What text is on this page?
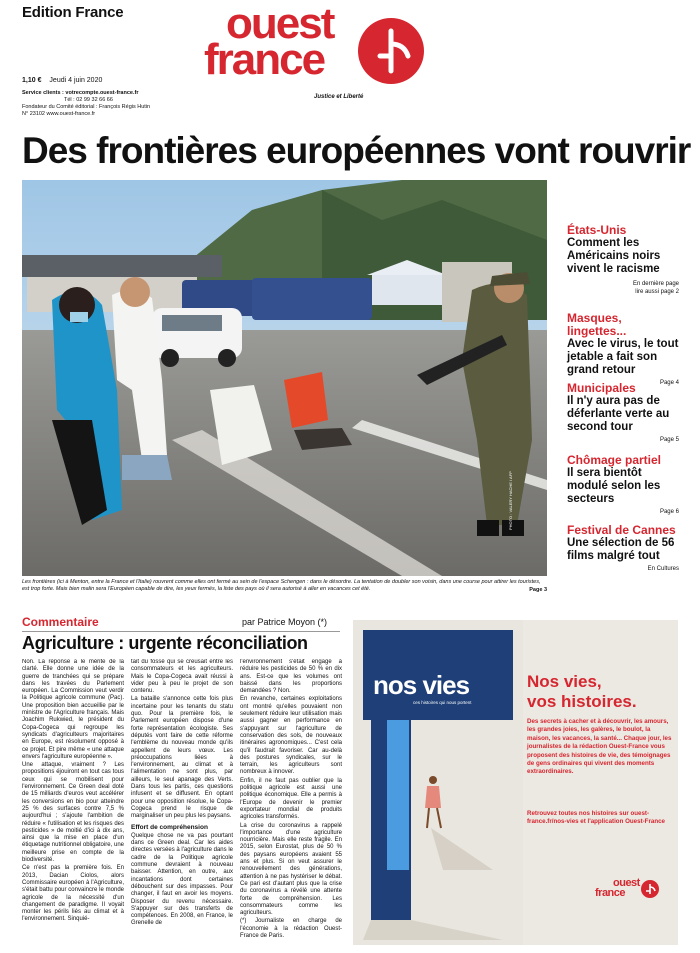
Edition France ouest
france
Justice et Liberté
1,10 € Jeudi 4 juin 2020
Service clients : votrecompte.ouest-france.fr
Tél : 02 99 32 66 66
Fondateur du Comité éditorial : François Régis Hutin
N° 23102 www.ouest-france.fr
Des frontières européennes vont rouvrir
Les frontières (ici à Menton, entre la France et l'Italie) rouvrent comme elles ont fermé au sein de l'espace Schengen : dans le désordre. La tentation de doubler son voisin, dans une course pour attirer les touristes, est trop forte. Mais bien malin sera l'Européen capable de dire, les yeux fermés, la liste des pays où il sera autorisé à aller en vacances cet été.	Page 3
PHOTO : VALERY HACHE / AFP
États-Unis
Comment les Américains noirs vivent le racisme
En dernière page
lire aussi page 2
Masques, lingettes...
Avec le virus, le tout jetable a fait son grand retour
Page 4
Municipales
Il n'y aura pas de déferlante verte au second tour
Page 5
Chômage partiel
Il sera bientôt modulé selon les secteurs
Page 6
Festival de Cannes
Une sélection de 56 films malgré tout
En Cultures
Commentaire	par Patrice Moyon (*)
Agriculture : urgente réconciliation

Non. La réponse a le mérite de la clarté. Elle donne une idée de la guerre de tranchées qui se prépare dans les travées du Parlement européen. La Commission veut verdir la Politique agricole commune (Pac). Une proposition bien accueillie par le ministre de l'Agriculture français. Mais Joachim Rukwied, le président du Copa-Cogeca qui regroupe les syndicats d'agriculteurs majoritaires en Europe, est résolument opposé à ce projet. Et pire même « une attaque envers l'agriculture européenne ».

Une attaque, vraiment ? Les propositions éjouiront en tout cas tous ceux qui se mobilisent pour l'environnement. Ce Green deal doté de 15 milliards d'euros veut accélérer les conversions en bio pour atteindre 25 % des surfaces contre 7,5 % aujourd'hui ; s'ajoute l'ambition de réduire « l'utilisation et les risques des pesticides » de moitié d'ici à dix ans, ainsi que la mise en place d'un étiquetage nutritionnel obligatoire, une meilleure prise en compte de la biodiversité.

Ce n'est pas la première fois. En 2013, Dacian Ciolos, alors Commissaire européen à l'Agriculture, s'était battu pour convaincre le monde agricole de la nécessité d'un changement de paradigme. Il voyait monter les périls liés au climat et à l'environnement. Sinquié-

tait du fossé qui se creusait entre les consommateurs et les agriculteurs. Mais le Copa-Cogeca avait réussi à vider peu à peu le projet de son contenu.

La bataille s'annonce cette fois plus incertaine pour les tenants du statu quo. Pour la première fois, le Parlement européen dispose d'une forte représentation écologiste. Ses députés vont faire de cette réforme l'emblème du nouveau monde qu'ils appellent de leurs vœux. Les préoccupations liées à l'environnement, au climat et à l'alimentation ne sont plus, par ailleurs, le seul apanage des Verts. Dans tous les partis, ces questions infusent et se diffusent. En optant pour une opposition résolue, le Copa-Cogeca prend le risque de marginaliser un peu plus les paysans.

Effort de compréhension

Quelque chose ne va pas pourtant dans ce Green deal. Car les aides directes versées à l'agriculture dans le cadre de la Politique agricole commune devraient à nouveau baisser. Attention, en outre, aux incantations dont certaines débouchent sur des impasses. Pour changer, il faut en avoir les moyens. Disposer du revenu nécessaire. S'appuyer sur des transferts de compétences. En 2008, en France, le Grenelle de

l'environnement s'était engagé à réduire les pesticides de 50 % en dix ans. Est-ce que les volumes ont baissé dans les proportions demandées ? Non.

En revanche, certaines exploitations ont montré qu'elles pouvaient non seulement réduire leur utilisation mais aussi gagner en performance en s'appuyant sur l'agriculture de conservation des sols, de nouveaux itinéraires agronomiques... C'est cela qu'il faudrait favoriser. Car au-delà des postures syndicales, sur le terrain, les agriculteurs sont nombreux à innover.

Enfin, il ne faut pas oublier que la politique agricole est aussi une politique économique. Elle a permis à l'Europe de devenir le premier exportateur mondial de produits agricoles transformés.

La crise du coronavirus a rappelé l'importance d'une agriculture nourricière. Mais elle reste fragile. En 2015, selon Eurostat, plus de 50 % des paysans européens avaient 55 ans et plus. Si on veut assurer le renouvellement des générations, attention à ne pas hystériser le débat. Ce pari est d'autant plus que la crise du coronavirus a révélé une attente forte de compréhension. Les consommateurs comme les agriculteurs.

(*) Journaliste en charge de l'économie à la rédaction Ouest-France de Paris.

nos vies
ces histoires qui nous portent
Nos vies,
vos histoires.
Des secrets à cacher et à découvrir, les amours, les grandes joies, les galères, le boulot, la maison, les vacances, la santé... Chaque jour, les journalistes de la rédaction Ouest-France vous proposent des histoires de vie, des témoignages de gens ordinaires qui vivent des moments extraordinaires.
Retrouvez toutes nos histoires sur ouest-france.fr/nos-vies et l'application Ouest-France
ouest
france
